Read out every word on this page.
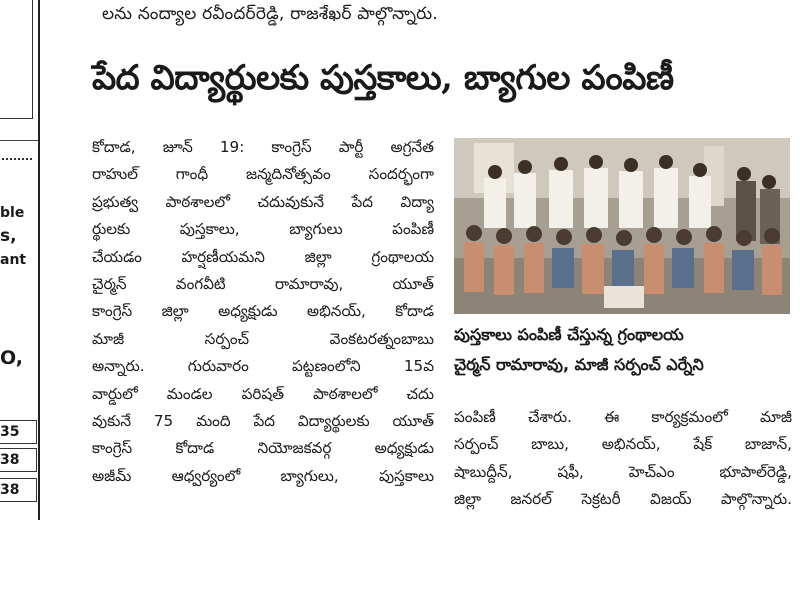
ble
s,
ant
O,
35
38
38
లను నంద్యాల రవీందర్‌రెడ్డి, రాజశేఖర్ పాల్గొన్నారు.
పేద విద్యార్థులకు పుస్తకాలు, బ్యాగుల పంపిణీ

కోదాడ, జూన్ 19: కాంగ్రెస్ పార్టీ అగ్రనేత

రాహుల్ గాంధీ జన్మదినోత్సవం సందర్భంగా

ప్రభుత్వ పాఠశాలలో చదువుకునే పేద విద్యా

ర్థులకు పుస్తకాలు, బ్యాగులు పంపిణీ

చేయడం హర్షణీయమని జిల్లా గ్రంథాలయ

చైర్మన్ వంగవీటి రామారావు, యూత్

కాంగ్రెస్ జిల్లా అధ్యక్షుడు అభినయ్, కోదాడ

మాజీ సర్పంచ్ వెంకటరత్నంబాబు

అన్నారు. గురువారం పట్టణంలోని 15వ

వార్డులో మండల పరిషత్ పాఠశాలలో చదు

వుకునే 75 మంది పేద విద్యార్థులకు యూత్

కాంగ్రెస్ కోదాడ నియోజకవర్గ అధ్యక్షుడు

అజీమ్ ఆధ్వర్యంలో బ్యాగులు, పుస్తకాలు

పుస్తకాలు పంపిణీ చేస్తున్న గ్రంథాలయ

చైర్మన్ రామారావు, మాజీ సర్పంచ్ ఎర్నేని

పంపిణీ చేశారు. ఈ కార్యక్రమంలో మాజీ

సర్పంచ్ బాబు, అభినయ్, షేక్ బాజాన్,

షాబుద్దీన్, షఫీ, హెచ్ఎం భూపాల్‌రెడ్డి,

జిల్లా జనరల్ సెక్రటరీ విజయ్ పాల్గొన్నారు.
